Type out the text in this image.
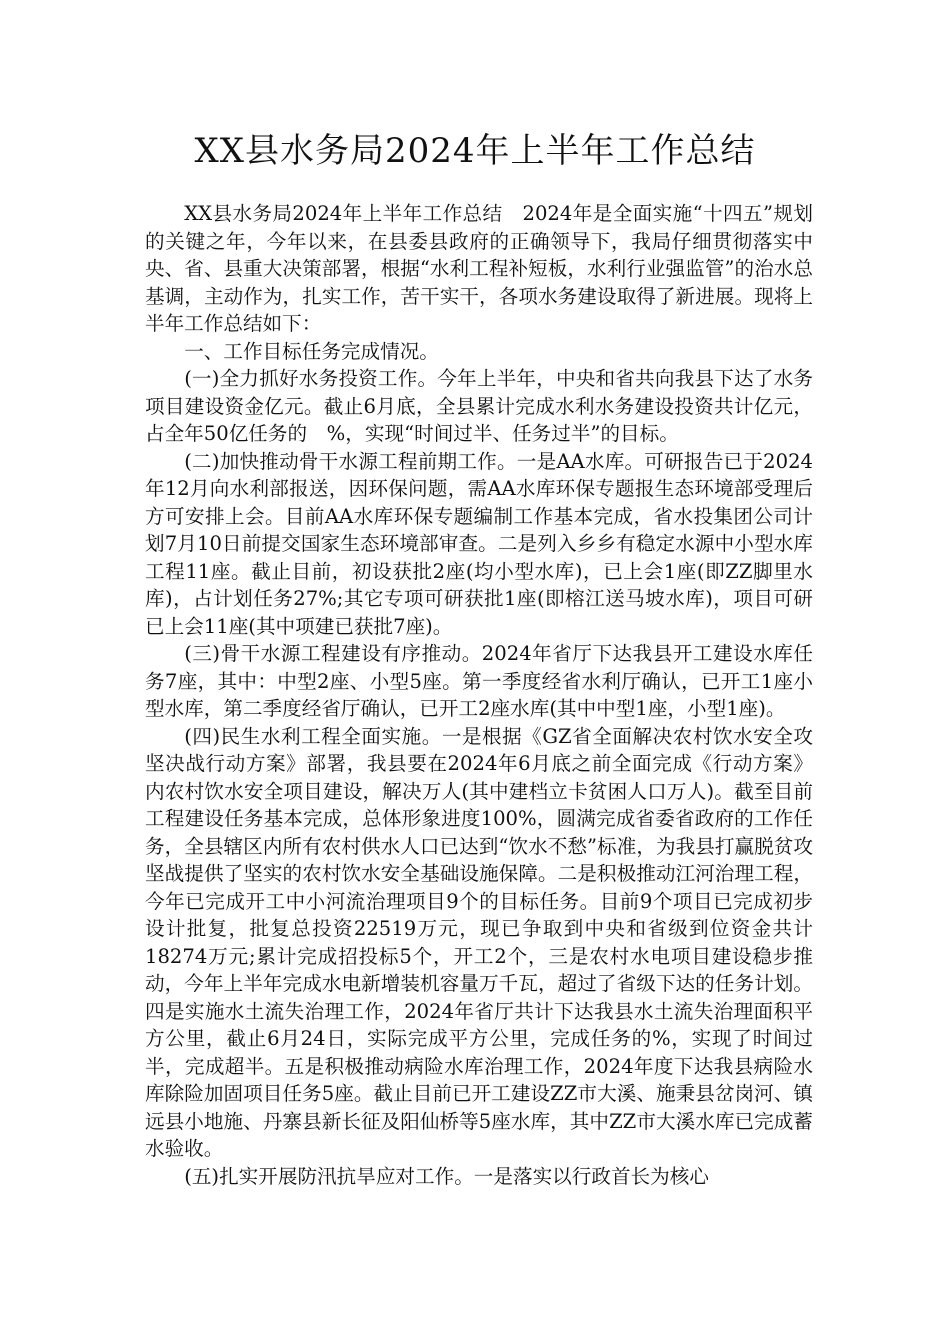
XX县水务局2024年上半年工作总结

XX县水务局2024年上半年工作总结　2024年是全面实施“十四五”规划的关键之年，今年以来，在县委县政府的正确领导下，我局仔细贯彻落实中央、省、县重大决策部署，根据“水利工程补短板，水利行业强监管”的治水总基调，主动作为，扎实工作，苦干实干，各项水务建设取得了新进展。现将上半年工作总结如下：

一、工作目标任务完成情况。

(一)全力抓好水务投资工作。今年上半年，中央和省共向我县下达了水务项目建设资金亿元。截止6月底，全县累计完成水利水务建设投资共计亿元，占全年50亿任务的　%，实现“时间过半、任务过半”的目标。

(二)加快推动骨干水源工程前期工作。一是AA水库。可研报告已于2024年12月向水利部报送，因环保问题，需AA水库环保专题报生态环境部受理后方可安排上会。目前AA水库环保专题编制工作基本完成，省水投集团公司计划7月10日前提交国家生态环境部审查。二是列入乡乡有稳定水源中小型水库工程11座。截止目前，初设获批2座(均小型水库)，已上会1座(即ZZ脚里水库)，占计划任务27%;其它专项可研获批1座(即榕江送马坡水库)，项目可研已上会11座(其中项建已获批7座)。

(三)骨干水源工程建设有序推动。2024年省厅下达我县开工建设水库任务7座，其中：中型2座、小型5座。第一季度经省水利厅确认，已开工1座小型水库，第二季度经省厅确认，已开工2座水库(其中中型1座，小型1座)。

(四)民生水利工程全面实施。一是根据《GZ省全面解决农村饮水安全攻坚决战行动方案》部署，我县要在2024年6月底之前全面完成《行动方案》内农村饮水安全项目建设，解决万人(其中建档立卡贫困人口万人)。截至目前工程建设任务基本完成，总体形象进度100%，圆满完成省委省政府的工作任务，全县辖区内所有农村供水人口已达到“饮水不愁”标准，为我县打赢脱贫攻坚战提供了坚实的农村饮水安全基础设施保障。二是积极推动江河治理工程，今年已完成开工中小河流治理项目9个的目标任务。目前9个项目已完成初步设计批复，批复总投资22519万元，现已争取到中央和省级到位资金共计18274万元;累计完成招投标5个，开工2个，三是农村水电项目建设稳步推动，今年上半年完成水电新增装机容量万千瓦，超过了省级下达的任务计划。四是实施水土流失治理工作，2024年省厅共计下达我县水土流失治理面积平方公里，截止6月24日，实际完成平方公里，完成任务的%，实现了时间过半，完成超半。五是积极推动病险水库治理工作，2024年度下达我县病险水库除险加固项目任务5座。截止目前已开工建设ZZ市大溪、施秉县岔岗河、镇远县小地施、丹寨县新长征及阳仙桥等5座水库，其中ZZ市大溪水库已完成蓄水验收。

(五)扎实开展防汛抗旱应对工作。一是落实以行政首长为核心
